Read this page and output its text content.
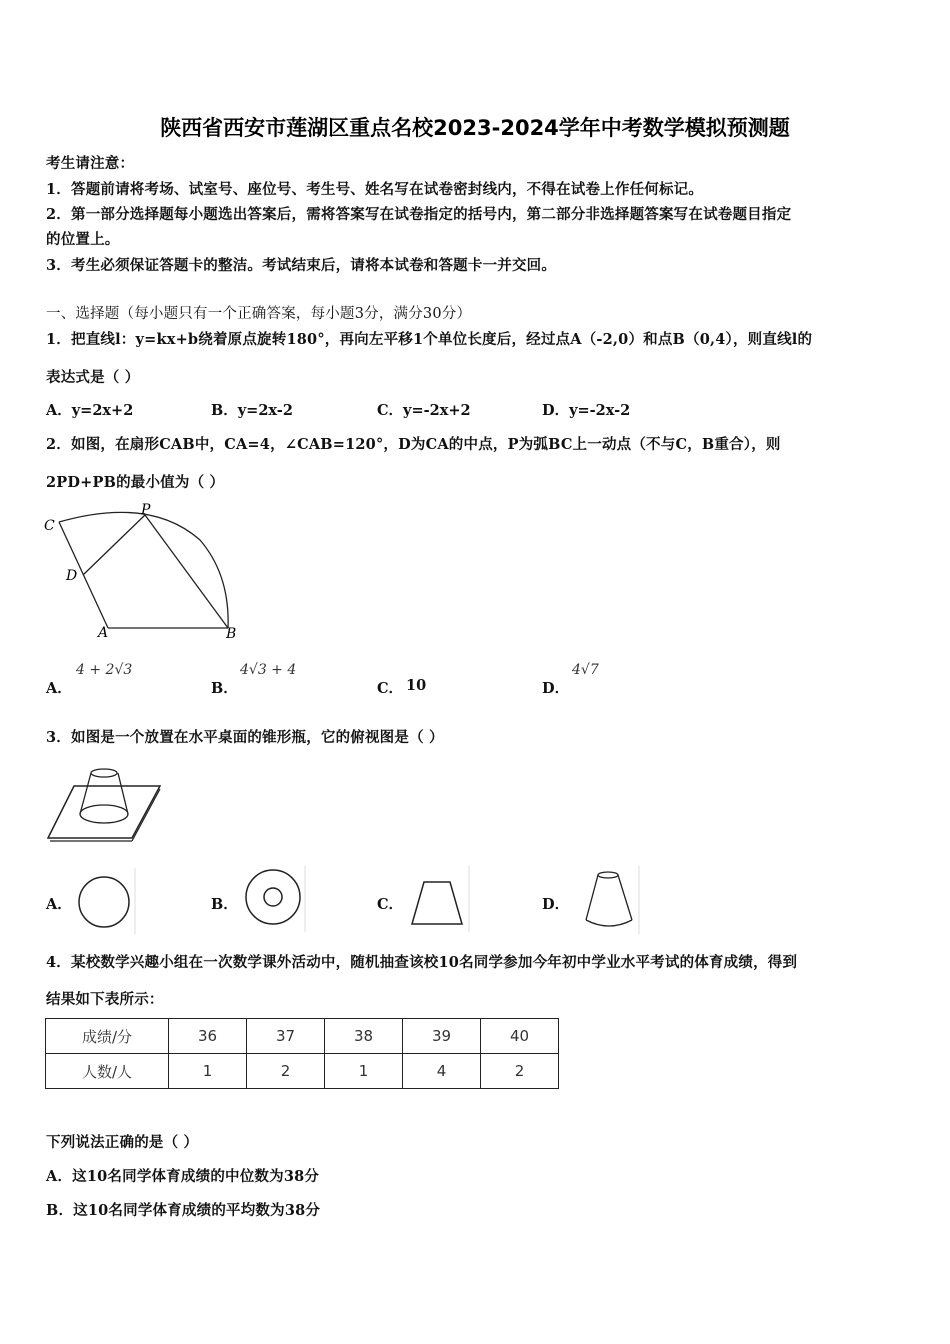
陕西省西安市莲湖区重点名校2023-2024学年中考数学模拟预测题
考生请注意：
1．答题前请将考场、试室号、座位号、考生号、姓名写在试卷密封线内，不得在试卷上作任何标记。
2．第一部分选择题每小题选出答案后，需将答案写在试卷指定的括号内，第二部分非选择题答案写在试卷题目指定
的位置上。
3．考生必须保证答题卡的整洁。考试结束后，请将本试卷和答题卡一并交回。
一、选择题（每小题只有一个正确答案，每小题3分，满分30分）
1．把直线l：y=kx+b绕着原点旋转180°，再向左平移1个单位长度后，经过点A（-2,0）和点B（0,4），则直线l的
表达式是（ ）
A．y=2x+2	B．y=2x-2	C．y=-2x+2	D．y=-2x-2
2．如图，在扇形CAB中，CA=4，∠CAB=120°，D为CA的中点，P为弧BC上一动点（不与C，B重合），则
2PD+PB的最小值为（ ）
C
P
D
A	B
A．
4 + 2√3
B．
4√3 + 4
C． 10	D．
4√7
3．如图是一个放置在水平桌面的锥形瓶，它的俯视图是（ ）
A．	B．	C．	D．
4．某校数学兴趣小组在一次数学课外活动中，随机抽查该校10名同学参加今年初中学业水平考试的体育成绩，得到
结果如下表所示：
成绩/分	36	37	38	39	40
人数/人	1	2	1	4	2
下列说法正确的是（ ）
A．这10名同学体育成绩的中位数为38分
B．这10名同学体育成绩的平均数为38分
